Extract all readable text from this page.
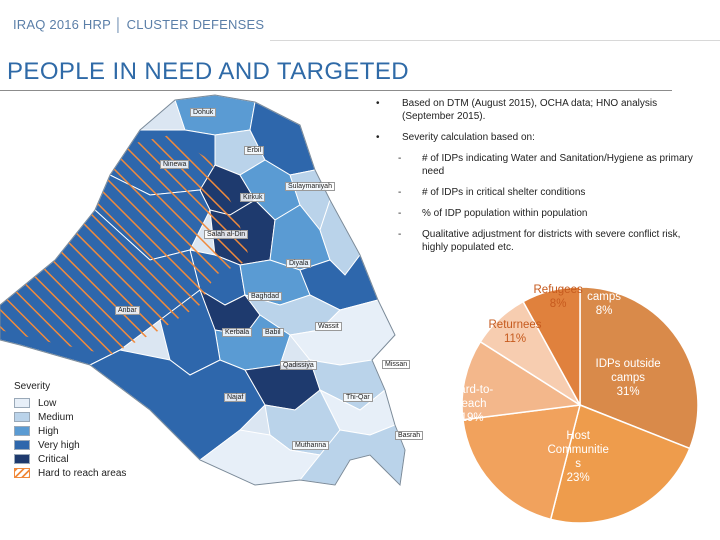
IRAQ 2016 HRP │ CLUSTER DEFENSES
PEOPLE IN NEED AND TARGETED
Dohuk
Erbil
Ninewa
Sulaymaniyah
Kirkuk
Salah al-Din
Diyala
Baghdad
Anbar
Wassit
Kerbala	Babil
Qadissiya	Missan
Najaf	Thi-Qar
Basrah
Muthanna
• Based on DTM (August 2015), OCHA data; HNO analysis (September 2015).
• Severity calculation based on:
- # of IDPs indicating Water and Sanitation/Hygiene as primary need
- # of IDPs in critical shelter conditions
- % of IDP population within population
- Qualitative adjustment for districts with severe conflict risk, highly populated etc.
Severity
Low
Medium
High
Very high
Critical
Hard to reach areas
IDPs outside
camps
31%
Host
Communitie
s
23%
Hard-to-
reach
19%
Returnees
11%
Refugees
8%
IDPs in
camps
8%
